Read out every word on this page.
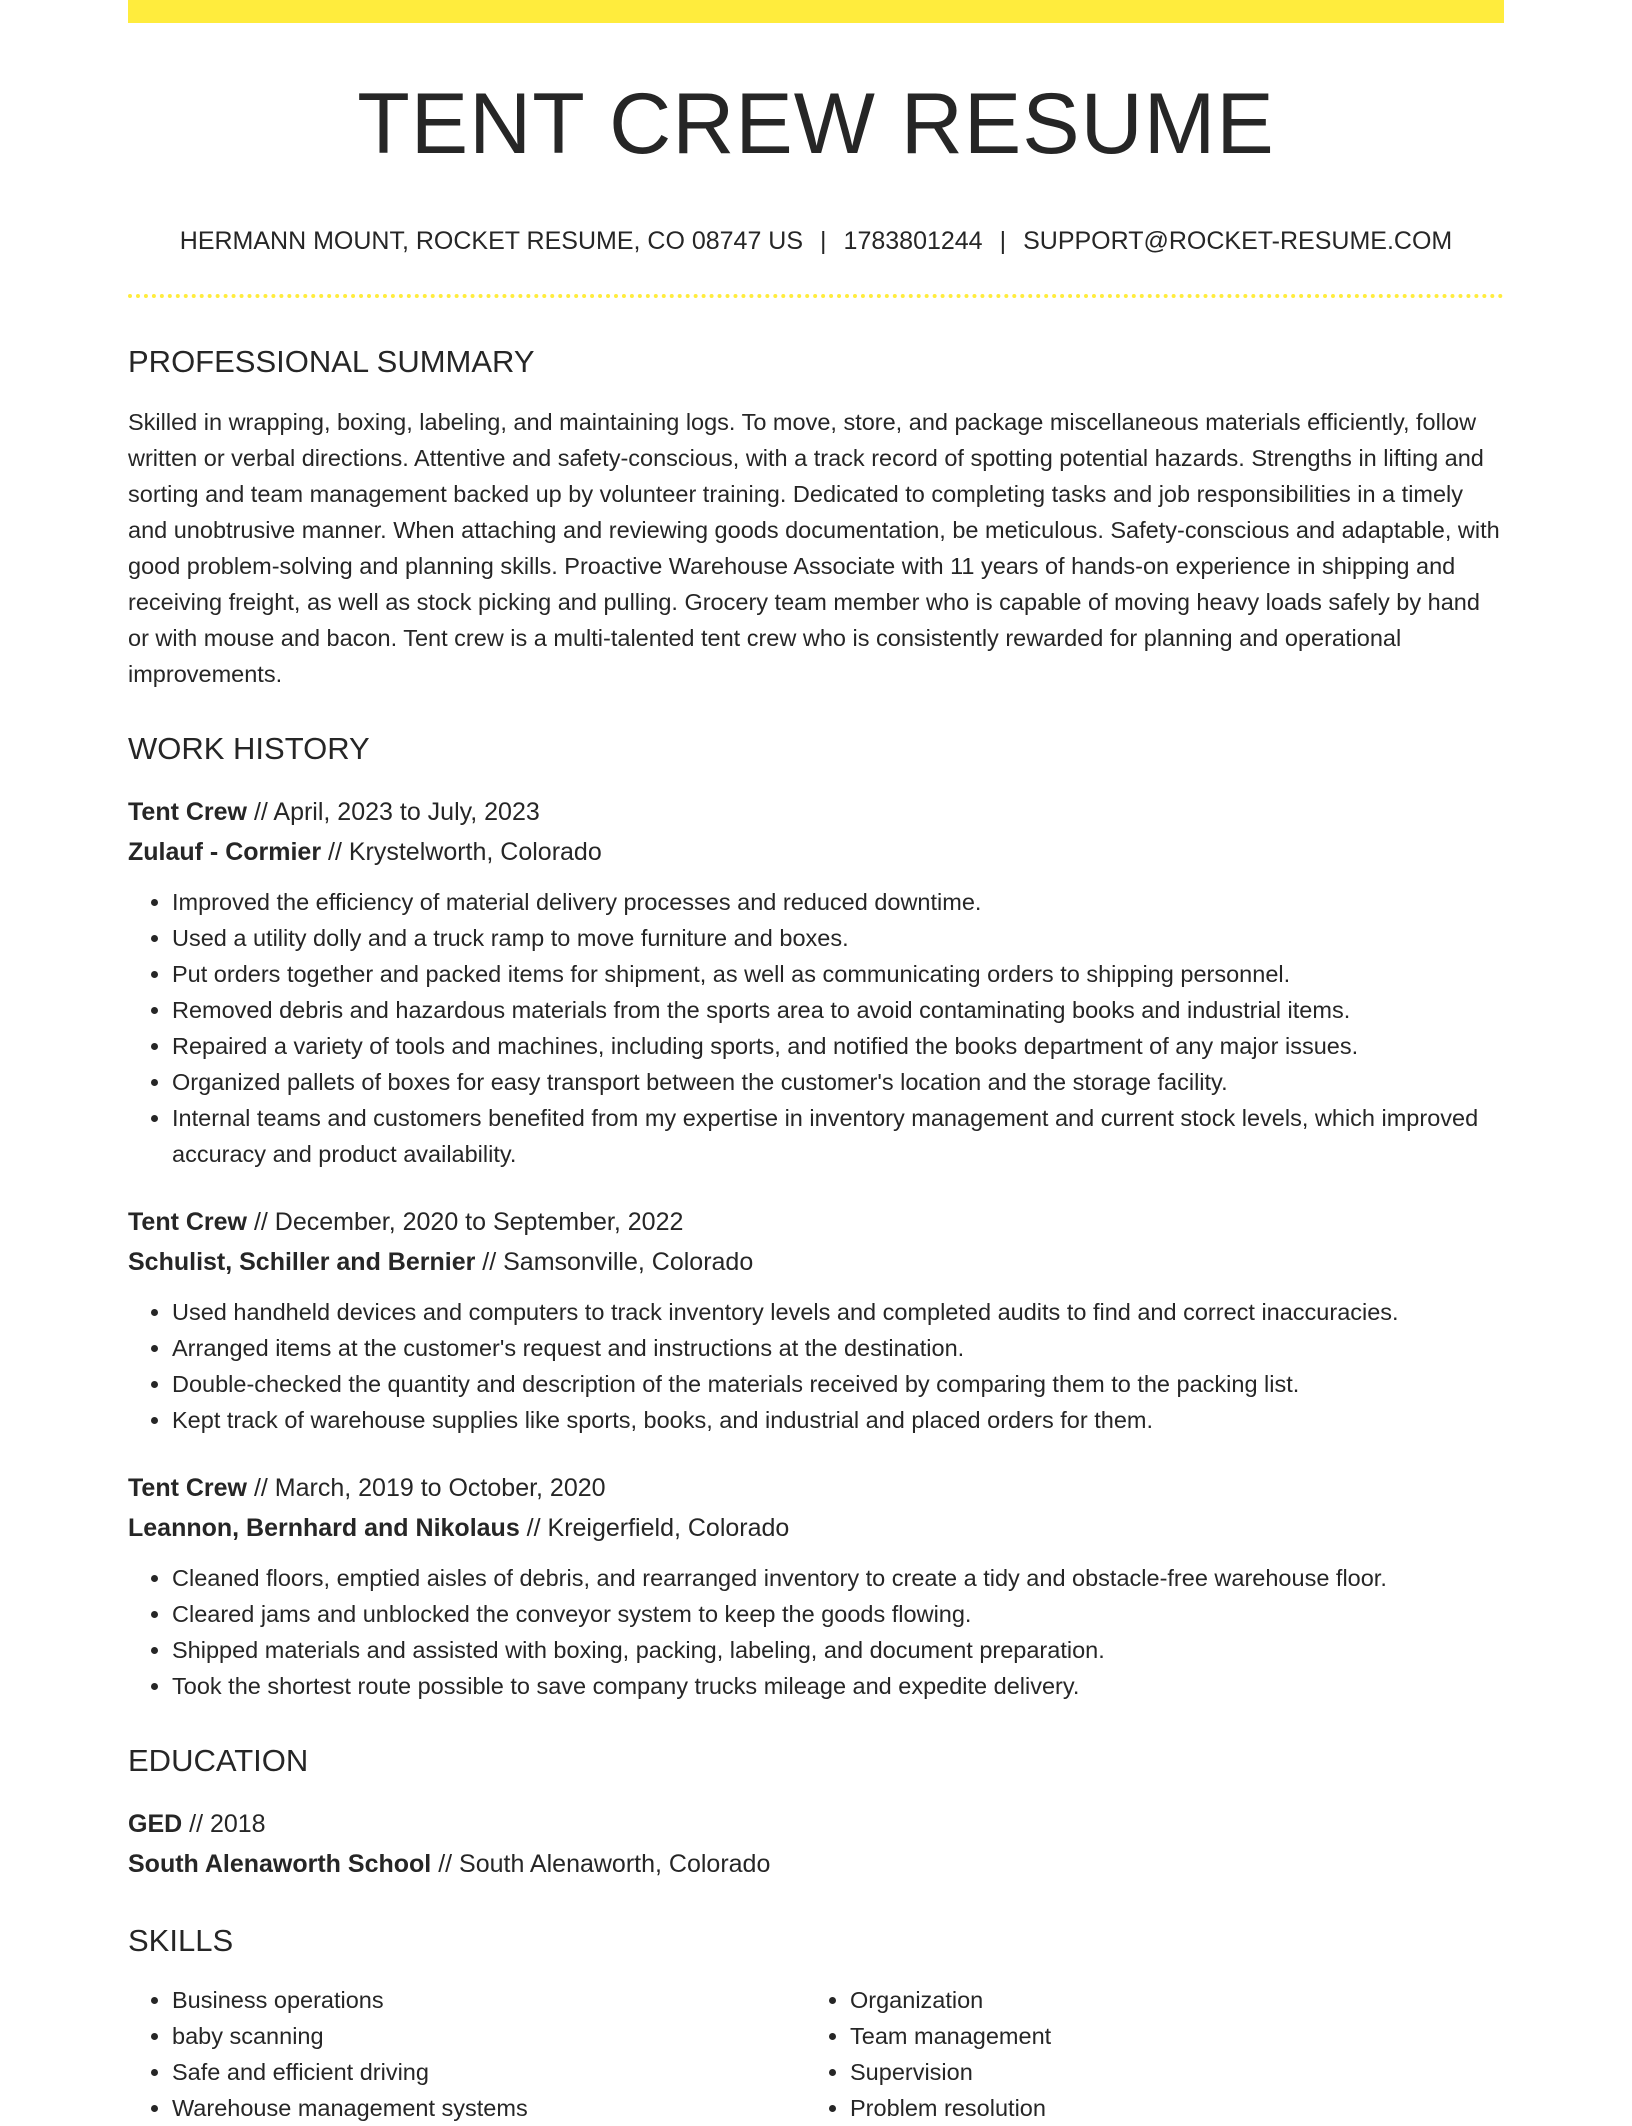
TENT CREW RESUME
HERMANN MOUNT, ROCKET RESUME, CO 08747 US | 1783801244 | SUPPORT@ROCKET-RESUME.COM
PROFESSIONAL SUMMARY
Skilled in wrapping, boxing, labeling, and maintaining logs. To move, store, and package miscellaneous materials efficiently, follow written or verbal directions. Attentive and safety-conscious, with a track record of spotting potential hazards. Strengths in lifting and sorting and team management backed up by volunteer training. Dedicated to completing tasks and job responsibilities in a timely and unobtrusive manner. When attaching and reviewing goods documentation, be meticulous. Safety-conscious and adaptable, with good problem-solving and planning skills. Proactive Warehouse Associate with 11 years of hands-on experience in shipping and receiving freight, as well as stock picking and pulling. Grocery team member who is capable of moving heavy loads safely by hand or with mouse and bacon. Tent crew is a multi-talented tent crew who is consistently rewarded for planning and operational improvements.
WORK HISTORY
Tent Crew // April, 2023 to July, 2023
Zulauf - Cormier // Krystelworth, Colorado
• Improved the efficiency of material delivery processes and reduced downtime.
• Used a utility dolly and a truck ramp to move furniture and boxes.
• Put orders together and packed items for shipment, as well as communicating orders to shipping personnel.
• Removed debris and hazardous materials from the sports area to avoid contaminating books and industrial items.
• Repaired a variety of tools and machines, including sports, and notified the books department of any major issues.
• Organized pallets of boxes for easy transport between the customer's location and the storage facility.
• Internal teams and customers benefited from my expertise in inventory management and current stock levels, which improved accuracy and product availability.
Tent Crew // December, 2020 to September, 2022
Schulist, Schiller and Bernier // Samsonville, Colorado
• Used handheld devices and computers to track inventory levels and completed audits to find and correct inaccuracies.
• Arranged items at the customer's request and instructions at the destination.
• Double-checked the quantity and description of the materials received by comparing them to the packing list.
• Kept track of warehouse supplies like sports, books, and industrial and placed orders for them.
Tent Crew // March, 2019 to October, 2020
Leannon, Bernhard and Nikolaus // Kreigerfield, Colorado
• Cleaned floors, emptied aisles of debris, and rearranged inventory to create a tidy and obstacle-free warehouse floor.
• Cleared jams and unblocked the conveyor system to keep the goods flowing.
• Shipped materials and assisted with boxing, packing, labeling, and document preparation.
• Took the shortest route possible to save company trucks mileage and expedite delivery.
EDUCATION
GED // 2018
South Alenaworth School // South Alenaworth, Colorado
SKILLS
• Business operations
• baby scanning
• Safe and efficient driving
• Warehouse management systems
• Organization
• Team management
• Supervision
• Problem resolution
